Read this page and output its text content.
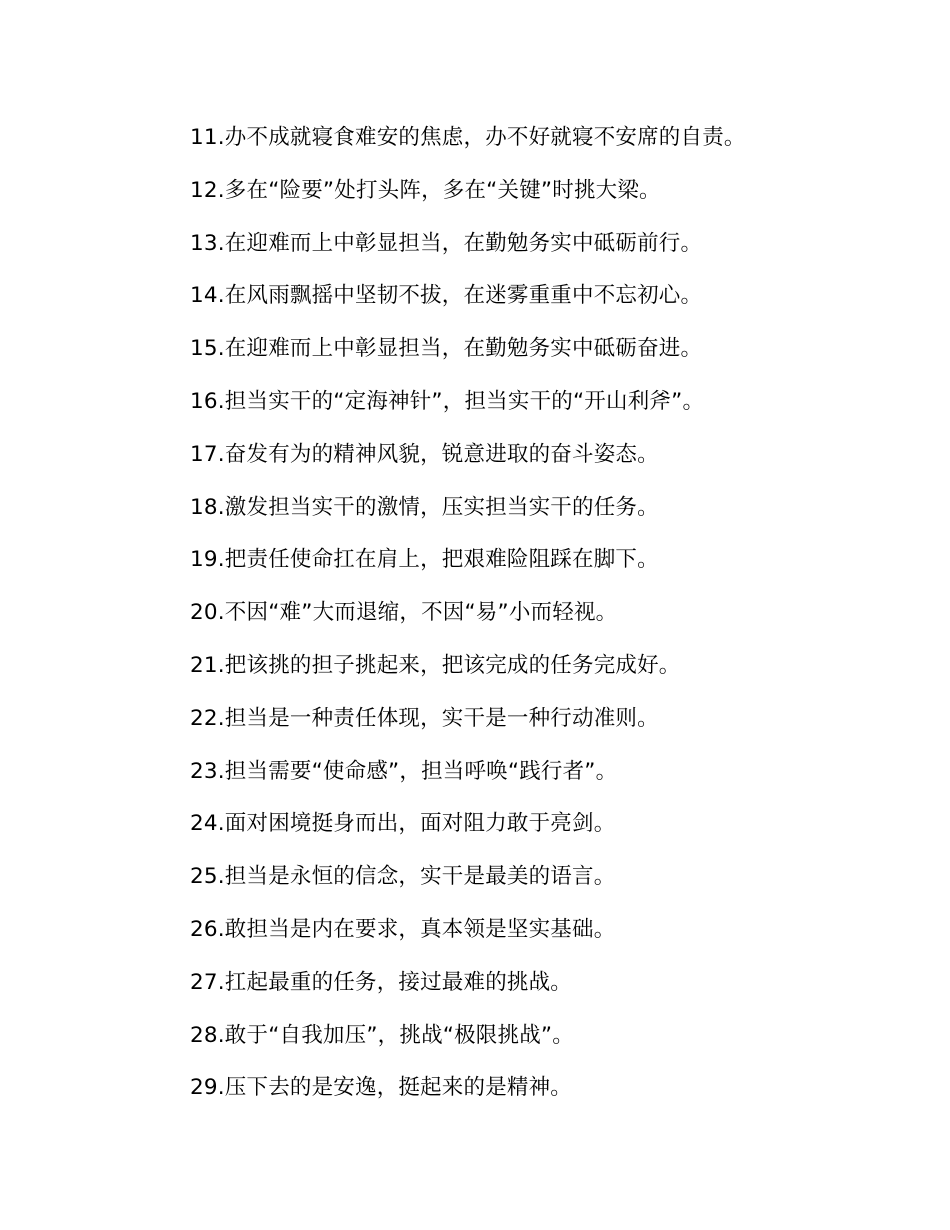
11.办不成就寝食难安的焦虑，办不好就寝不安席的自责。
12.多在“险要”处打头阵，多在“关键”时挑大梁。
13.在迎难而上中彰显担当，在勤勉务实中砥砺前行。
14.在风雨飘摇中坚韧不拔，在迷雾重重中不忘初心。
15.在迎难而上中彰显担当，在勤勉务实中砥砺奋进。
16.担当实干的“定海神针”，担当实干的“开山利斧”。
17.奋发有为的精神风貌，锐意进取的奋斗姿态。
18.激发担当实干的激情，压实担当实干的任务。
19.把责任使命扛在肩上，把艰难险阻踩在脚下。
20.不因“难”大而退缩，不因“易”小而轻视。
21.把该挑的担子挑起来，把该完成的任务完成好。
22.担当是一种责任体现，实干是一种行动准则。
23.担当需要“使命感”，担当呼唤“践行者”。
24.面对困境挺身而出，面对阻力敢于亮剑。
25.担当是永恒的信念，实干是最美的语言。
26.敢担当是内在要求，真本领是坚实基础。
27.扛起最重的任务，接过最难的挑战。
28.敢于“自我加压”，挑战“极限挑战”。
29.压下去的是安逸，挺起来的是精神。
